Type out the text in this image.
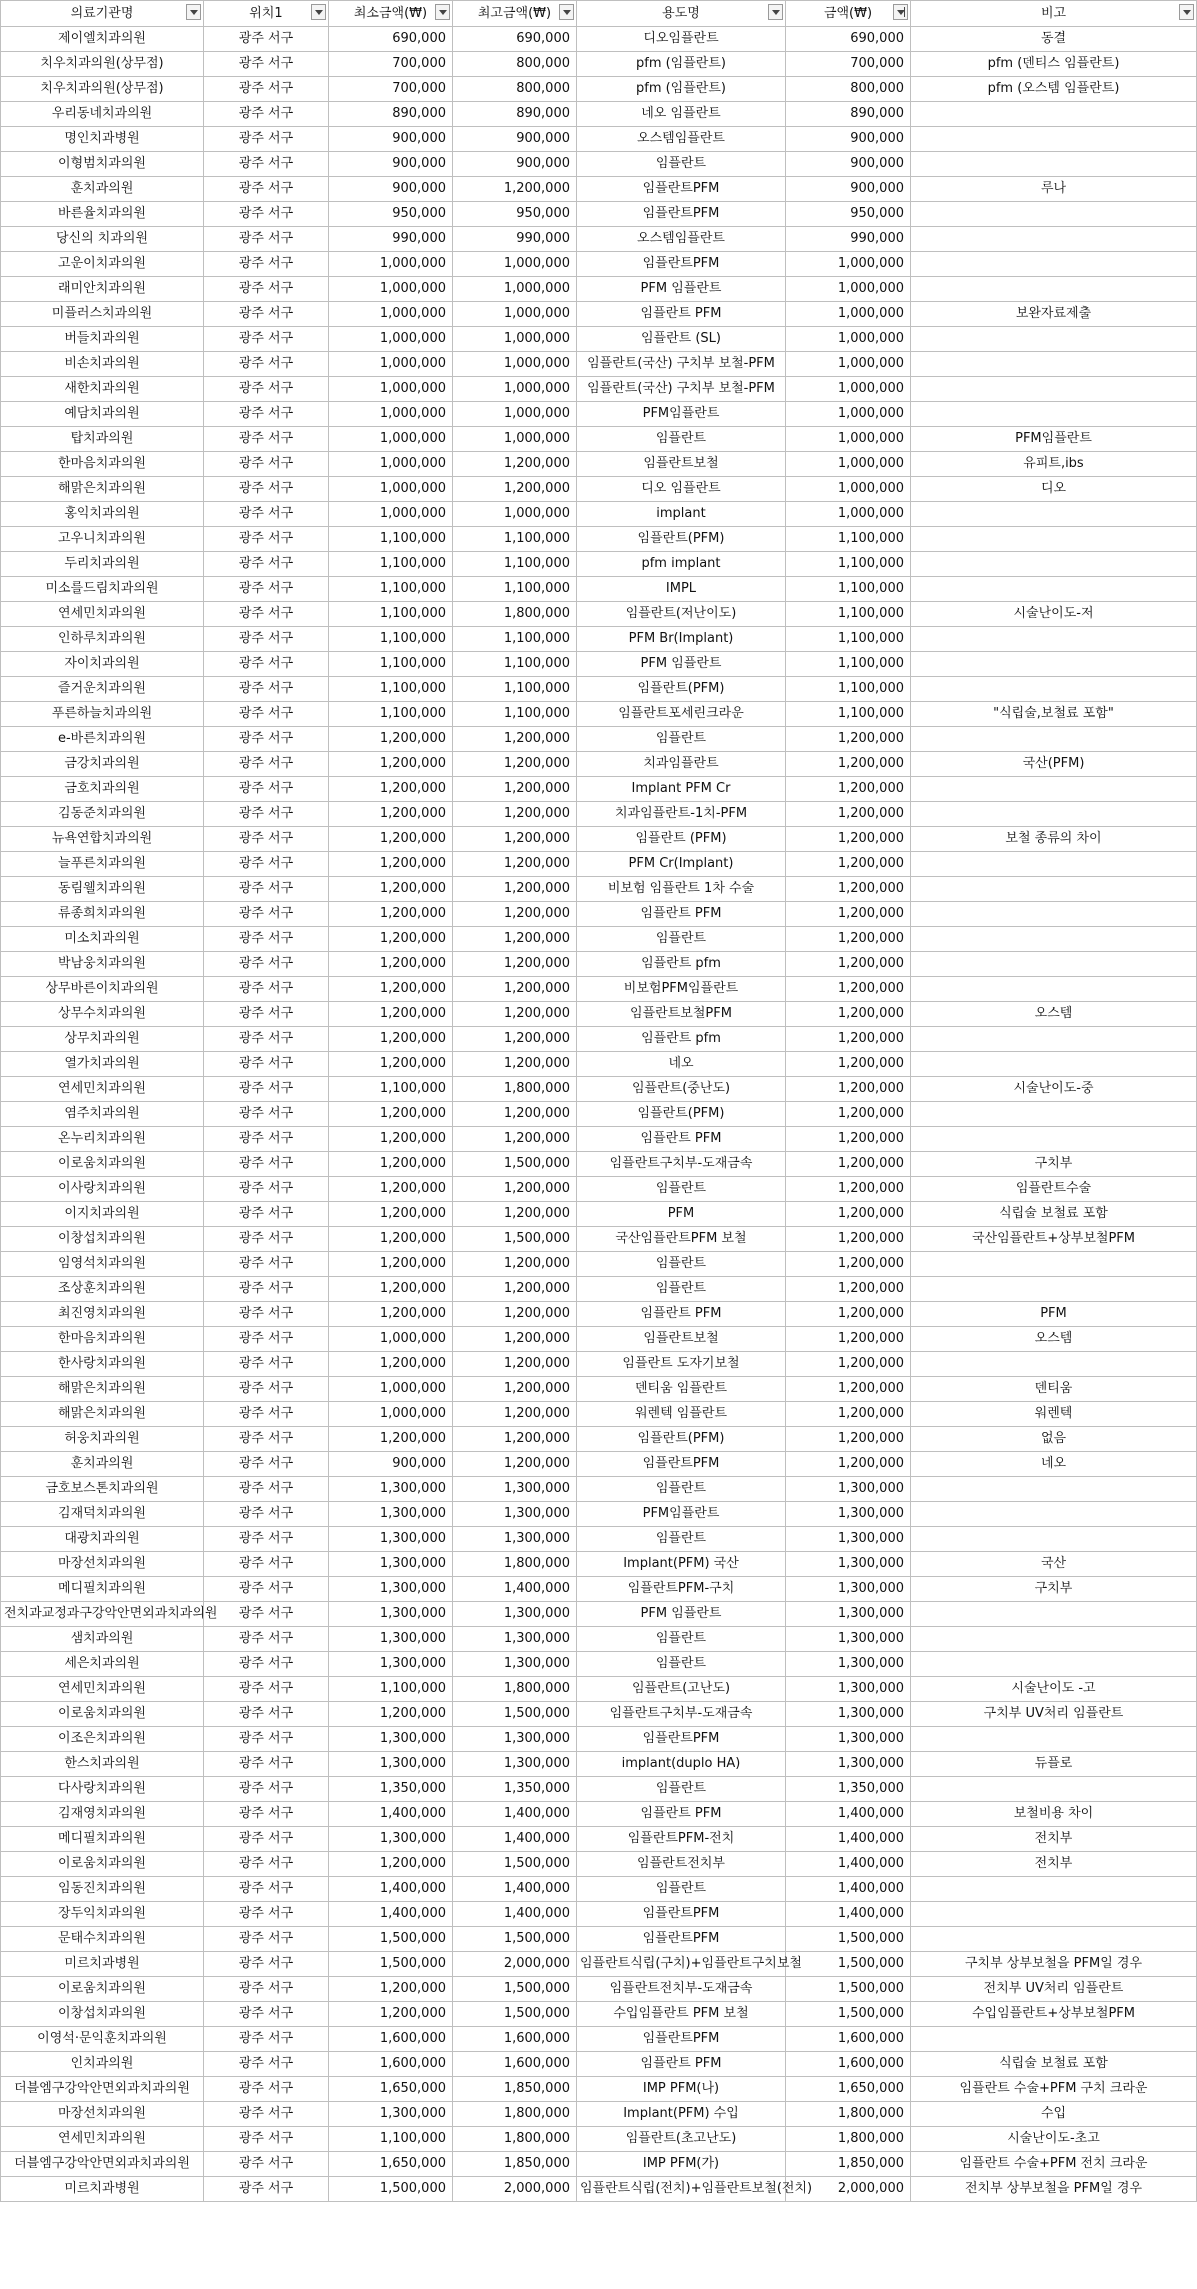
의료기관명	위치1	최소금액(₩)	최고금액(₩)	용도명	금액(₩)	비고

제이엘치과의원	광주 서구	690,000	690,000	디오임플란트	690,000	동결
치우치과의원(상무점)	광주 서구	700,000	800,000	pfm (임플란트)	700,000	pfm (덴티스 임플란트)
치우치과의원(상무점)	광주 서구	700,000	800,000	pfm (임플란트)	800,000	pfm (오스템 임플란트)
우리동네치과의원	광주 서구	890,000	890,000	네오 임플란트	890,000	
명인치과병원	광주 서구	900,000	900,000	오스템임플란트	900,000	
이형범치과의원	광주 서구	900,000	900,000	임플란트	900,000	
훈치과의원	광주 서구	900,000	1,200,000	임플란트PFM	900,000	루나
바른율치과의원	광주 서구	950,000	950,000	임플란트PFM	950,000	
당신의 치과의원	광주 서구	990,000	990,000	오스템임플란트	990,000	
고운이치과의원	광주 서구	1,000,000	1,000,000	임플란트PFM	1,000,000	
래미안치과의원	광주 서구	1,000,000	1,000,000	PFM 임플란트	1,000,000	
미플러스치과의원	광주 서구	1,000,000	1,000,000	임플란트 PFM	1,000,000	보완자료제출
버들치과의원	광주 서구	1,000,000	1,000,000	임플란트 (SL)	1,000,000	
비손치과의원	광주 서구	1,000,000	1,000,000	임플란트(국산) 구치부 보철-PFM	1,000,000	
새한치과의원	광주 서구	1,000,000	1,000,000	임플란트(국산) 구치부 보철-PFM	1,000,000	
예담치과의원	광주 서구	1,000,000	1,000,000	PFM임플란트	1,000,000	
탑치과의원	광주 서구	1,000,000	1,000,000	임플란트	1,000,000	PFM임플란트
한마음치과의원	광주 서구	1,000,000	1,200,000	임플란트보철	1,000,000	유피트,ibs
해맑은치과의원	광주 서구	1,000,000	1,200,000	디오 임플란트	1,000,000	디오
홍익치과의원	광주 서구	1,000,000	1,000,000	implant	1,000,000	
고우니치과의원	광주 서구	1,100,000	1,100,000	임플란트(PFM)	1,100,000	
두리치과의원	광주 서구	1,100,000	1,100,000	pfm implant	1,100,000	
미소를드림치과의원	광주 서구	1,100,000	1,100,000	IMPL	1,100,000	
연세민치과의원	광주 서구	1,100,000	1,800,000	임플란트(저난이도)	1,100,000	시술난이도-저
인하루치과의원	광주 서구	1,100,000	1,100,000	PFM Br(Implant)	1,100,000	
자이치과의원	광주 서구	1,100,000	1,100,000	PFM 임플란트	1,100,000	
즐거운치과의원	광주 서구	1,100,000	1,100,000	임플란트(PFM)	1,100,000	
푸른하늘치과의원	광주 서구	1,100,000	1,100,000	임플란트포세린크라운	1,100,000	"식립술,보철료 포함"
e-바른치과의원	광주 서구	1,200,000	1,200,000	임플란트	1,200,000	
금강치과의원	광주 서구	1,200,000	1,200,000	치과임플란트	1,200,000	국산(PFM)
금호치과의원	광주 서구	1,200,000	1,200,000	Implant PFM Cr	1,200,000	
김동준치과의원	광주 서구	1,200,000	1,200,000	치과임플란트-1치-PFM	1,200,000	
뉴욕연합치과의원	광주 서구	1,200,000	1,200,000	임플란트 (PFM)	1,200,000	보철 종류의 차이
늘푸른치과의원	광주 서구	1,200,000	1,200,000	PFM Cr(Implant)	1,200,000	
동림웰치과의원	광주 서구	1,200,000	1,200,000	비보험 임플란트 1차 수술	1,200,000	
류종희치과의원	광주 서구	1,200,000	1,200,000	임플란트 PFM	1,200,000	
미소치과의원	광주 서구	1,200,000	1,200,000	임플란트	1,200,000	
박남웅치과의원	광주 서구	1,200,000	1,200,000	임플란트 pfm	1,200,000	
상무바른이치과의원	광주 서구	1,200,000	1,200,000	비보험PFM임플란트	1,200,000	
상무수치과의원	광주 서구	1,200,000	1,200,000	임플란트보철PFM	1,200,000	오스템
상무치과의원	광주 서구	1,200,000	1,200,000	임플란트 pfm	1,200,000	
열가치과의원	광주 서구	1,200,000	1,200,000	네오	1,200,000	
연세민치과의원	광주 서구	1,100,000	1,800,000	임플란트(중난도)	1,200,000	시술난이도-중
염주치과의원	광주 서구	1,200,000	1,200,000	임플란트(PFM)	1,200,000	
온누리치과의원	광주 서구	1,200,000	1,200,000	임플란트 PFM	1,200,000	
이로움치과의원	광주 서구	1,200,000	1,500,000	임플란트구치부-도재금속	1,200,000	구치부
이사랑치과의원	광주 서구	1,200,000	1,200,000	임플란트	1,200,000	임플란트수술
이지치과의원	광주 서구	1,200,000	1,200,000	PFM	1,200,000	식립술 보철료 포함
이창섭치과의원	광주 서구	1,200,000	1,500,000	국산임플란트PFM 보철	1,200,000	국산임플란트+상부보철PFM
임영석치과의원	광주 서구	1,200,000	1,200,000	임플란트	1,200,000	
조상훈치과의원	광주 서구	1,200,000	1,200,000	임플란트	1,200,000	
최진영치과의원	광주 서구	1,200,000	1,200,000	임플란트 PFM	1,200,000	PFM
한마음치과의원	광주 서구	1,000,000	1,200,000	임플란트보철	1,200,000	오스템
한사랑치과의원	광주 서구	1,200,000	1,200,000	임플란트 도자기보철	1,200,000	
해맑은치과의원	광주 서구	1,000,000	1,200,000	덴티움 임플란트	1,200,000	덴티움
해맑은치과의원	광주 서구	1,000,000	1,200,000	워렌텍 임플란트	1,200,000	워렌텍
허웅치과의원	광주 서구	1,200,000	1,200,000	임플란트(PFM)	1,200,000	없음
훈치과의원	광주 서구	900,000	1,200,000	임플란트PFM	1,200,000	네오
금호보스톤치과의원	광주 서구	1,300,000	1,300,000	임플란트	1,300,000	
김재덕치과의원	광주 서구	1,300,000	1,300,000	PFM임플란트	1,300,000	
대광치과의원	광주 서구	1,300,000	1,300,000	임플란트	1,300,000	
마장선치과의원	광주 서구	1,300,000	1,800,000	Implant(PFM) 국산	1,300,000	국산
메디필치과의원	광주 서구	1,300,000	1,400,000	임플란트PFM-구치	1,300,000	구치부
전치과교정과구강악안면외과치과의원	광주 서구	1,300,000	1,300,000	PFM 임플란트	1,300,000	
샘치과의원	광주 서구	1,300,000	1,300,000	임플란트	1,300,000	
세은치과의원	광주 서구	1,300,000	1,300,000	임플란트	1,300,000	
연세민치과의원	광주 서구	1,100,000	1,800,000	임플란트(고난도)	1,300,000	시술난이도 -고
이로움치과의원	광주 서구	1,200,000	1,500,000	임플란트구치부-도재금속	1,300,000	구치부 UV처리 임플란트
이조은치과의원	광주 서구	1,300,000	1,300,000	임플란트PFM	1,300,000	
한스치과의원	광주 서구	1,300,000	1,300,000	implant(duplo HA)	1,300,000	듀플로
다사랑치과의원	광주 서구	1,350,000	1,350,000	임플란트	1,350,000	
김재영치과의원	광주 서구	1,400,000	1,400,000	임플란트 PFM	1,400,000	보철비용 차이
메디필치과의원	광주 서구	1,300,000	1,400,000	임플란트PFM-전치	1,400,000	전치부
이로움치과의원	광주 서구	1,200,000	1,500,000	임플란트전치부	1,400,000	전치부
임동진치과의원	광주 서구	1,400,000	1,400,000	임플란트	1,400,000	
장두익치과의원	광주 서구	1,400,000	1,400,000	임플란트PFM	1,400,000	
문태수치과의원	광주 서구	1,500,000	1,500,000	임플란트PFM	1,500,000	
미르치과병원	광주 서구	1,500,000	2,000,000	임플란트식립(구치)+임플란트구치보철	1,500,000	구치부 상부보철을 PFM일 경우
이로움치과의원	광주 서구	1,200,000	1,500,000	임플란트전치부-도재금속	1,500,000	전치부 UV처리 임플란트
이창섭치과의원	광주 서구	1,200,000	1,500,000	수입임플란트 PFM 보철	1,500,000	수입임플란트+상부보철PFM
이영석·문익훈치과의원	광주 서구	1,600,000	1,600,000	임플란트PFM	1,600,000	
인치과의원	광주 서구	1,600,000	1,600,000	임플란트 PFM	1,600,000	식립술 보철료 포함
더블엠구강악안면외과치과의원	광주 서구	1,650,000	1,850,000	IMP PFM(나)	1,650,000	임플란트 수술+PFM 구치 크라운
마장선치과의원	광주 서구	1,300,000	1,800,000	Implant(PFM) 수입	1,800,000	수입
연세민치과의원	광주 서구	1,100,000	1,800,000	임플란트(초고난도)	1,800,000	시술난이도-초고
더블엠구강악안면외과치과의원	광주 서구	1,650,000	1,850,000	IMP PFM(가)	1,850,000	임플란트 수술+PFM 전치 크라운
미르치과병원	광주 서구	1,500,000	2,000,000	임플란트식립(전치)+임플란트보철(전치)	2,000,000	전치부 상부보철을 PFM일 경우
